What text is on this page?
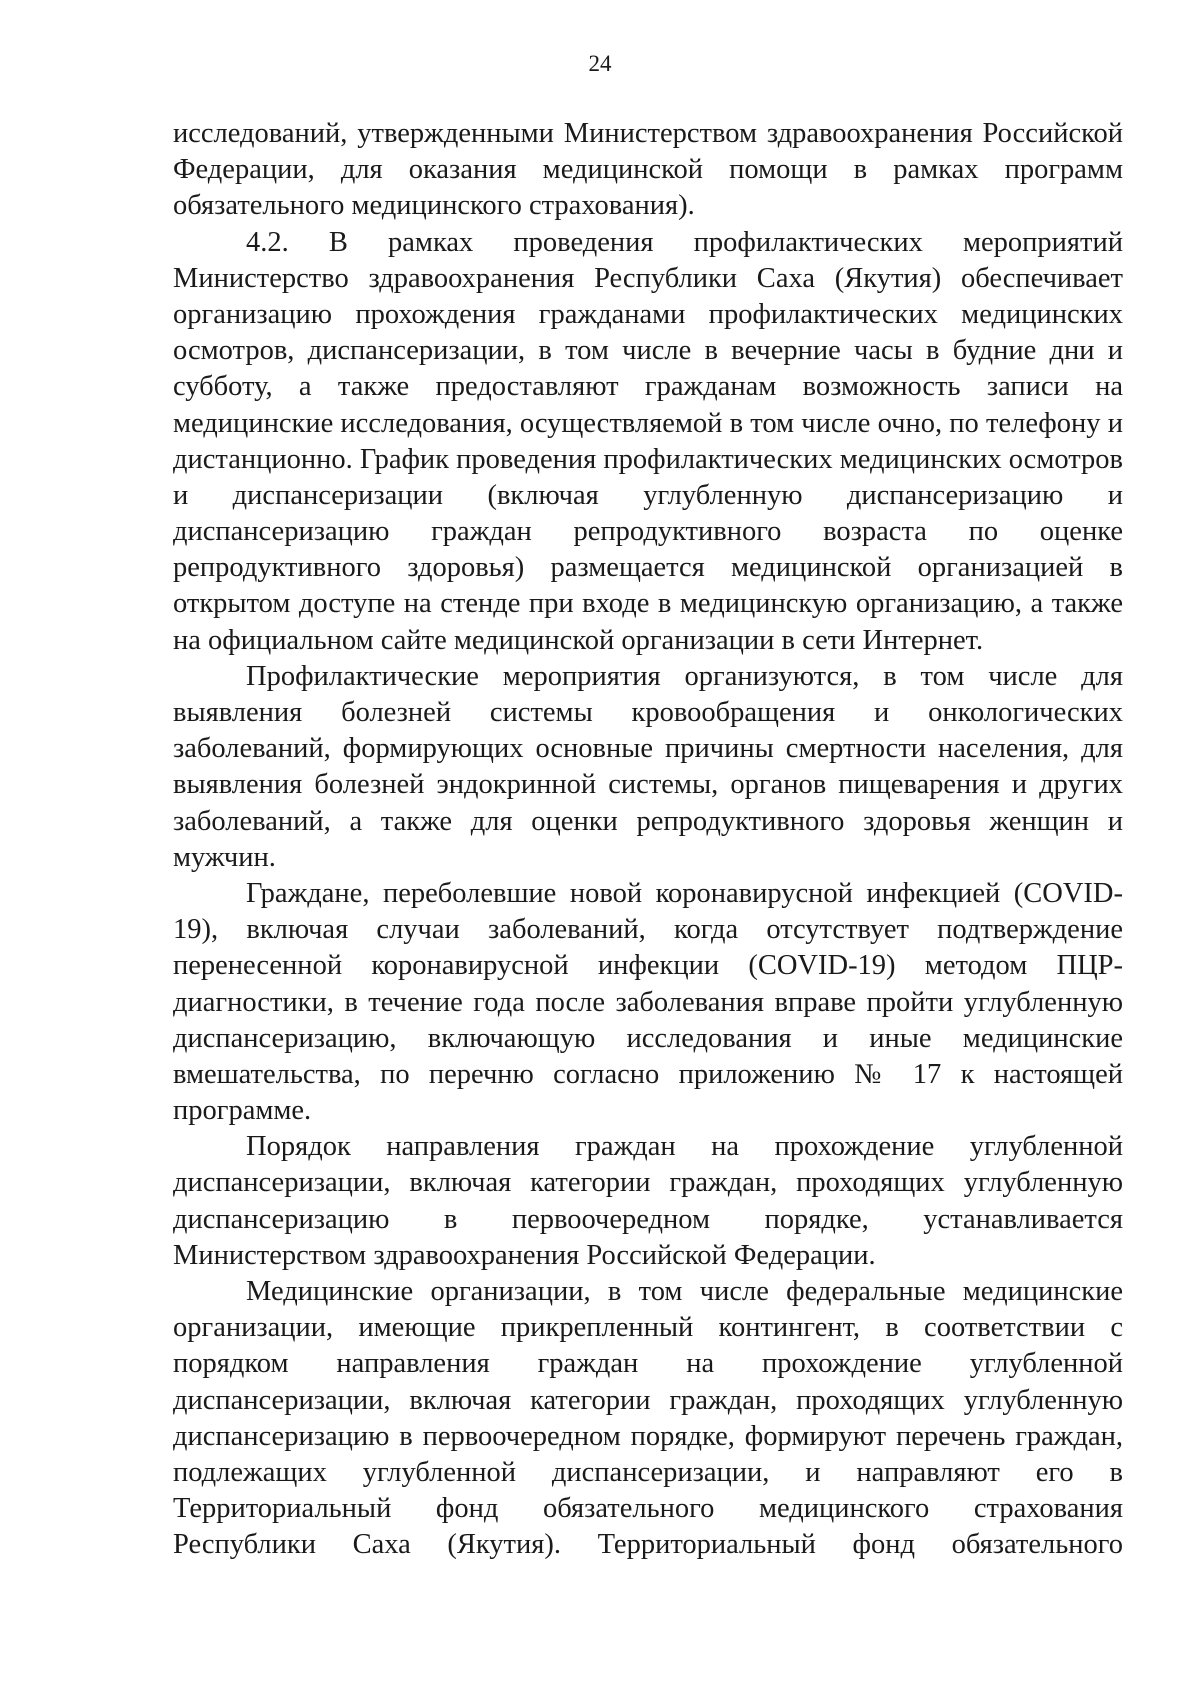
24
исследований, утвержденными Министерством здравоохранения Российской
Федерации, для оказания медицинской помощи в рамках программ
обязательного медицинского страхования).
4.2. В рамках проведения профилактических мероприятий
Министерство здравоохранения Республики Саха (Якутия) обеспечивает
организацию прохождения гражданами профилактических медицинских
осмотров, диспансеризации, в том числе в вечерние часы в будние дни и
субботу, а также предоставляют гражданам возможность записи на
медицинские исследования, осуществляемой в том числе очно, по телефону и
дистанционно. График проведения профилактических медицинских осмотров
и диспансеризации (включая углубленную диспансеризацию и
диспансеризацию граждан репродуктивного возраста по оценке
репродуктивного здоровья) размещается медицинской организацией в
открытом доступе на стенде при входе в медицинскую организацию, а также
на официальном сайте медицинской организации в сети Интернет.
Профилактические мероприятия организуются, в том числе для
выявления болезней системы кровообращения и онкологических
заболеваний, формирующих основные причины смертности населения, для
выявления болезней эндокринной системы, органов пищеварения и других
заболеваний, а также для оценки репродуктивного здоровья женщин и
мужчин.
Граждане, переболевшие новой коронавирусной инфекцией (COVID-
19), включая случаи заболеваний, когда отсутствует подтверждение
перенесенной коронавирусной инфекции (COVID-19) методом ПЦР-
диагностики, в течение года после заболевания вправе пройти углубленную
диспансеризацию, включающую исследования и иные медицинские
вмешательства, по перечню согласно приложению № 17 к настоящей
программе.
Порядок направления граждан на прохождение углубленной
диспансеризации, включая категории граждан, проходящих углубленную
диспансеризацию в первоочередном порядке, устанавливается
Министерством здравоохранения Российской Федерации.
Медицинские организации, в том числе федеральные медицинские
организации, имеющие прикрепленный контингент, в соответствии с
порядком направления граждан на прохождение углубленной
диспансеризации, включая категории граждан, проходящих углубленную
диспансеризацию в первоочередном порядке, формируют перечень граждан,
подлежащих углубленной диспансеризации, и направляют его в
Территориальный фонд обязательного медицинского страхования
Республики Саха (Якутия). Территориальный фонд обязательного
